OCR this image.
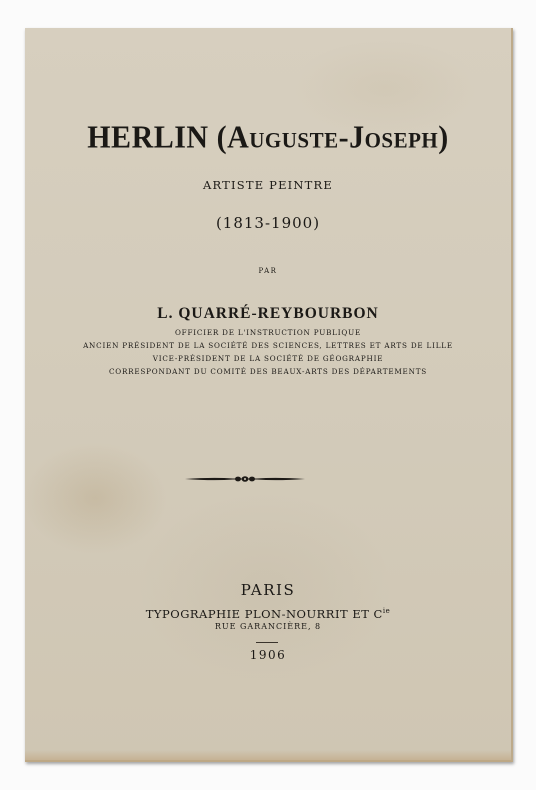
HERLIN (Auguste-Joseph)
ARTISTE PEINTRE
(1813-1900)
PAR
L. QUARRÉ-REYBOURBON
OFFICIER DE L'INSTRUCTION PUBLIQUE
ANCIEN PRÉSIDENT DE LA SOCIÉTÉ DES SCIENCES, LETTRES ET ARTS DE LILLE
VICE-PRÉSIDENT DE LA SOCIÉTÉ DE GÉOGRAPHIE
CORRESPONDANT DU COMITÉ DES BEAUX-ARTS DES DÉPARTEMENTS
PARIS
TYPOGRAPHIE PLON-NOURRIT ET $C^{ie}$
RUE GARANCIÈRE, 8
1906
